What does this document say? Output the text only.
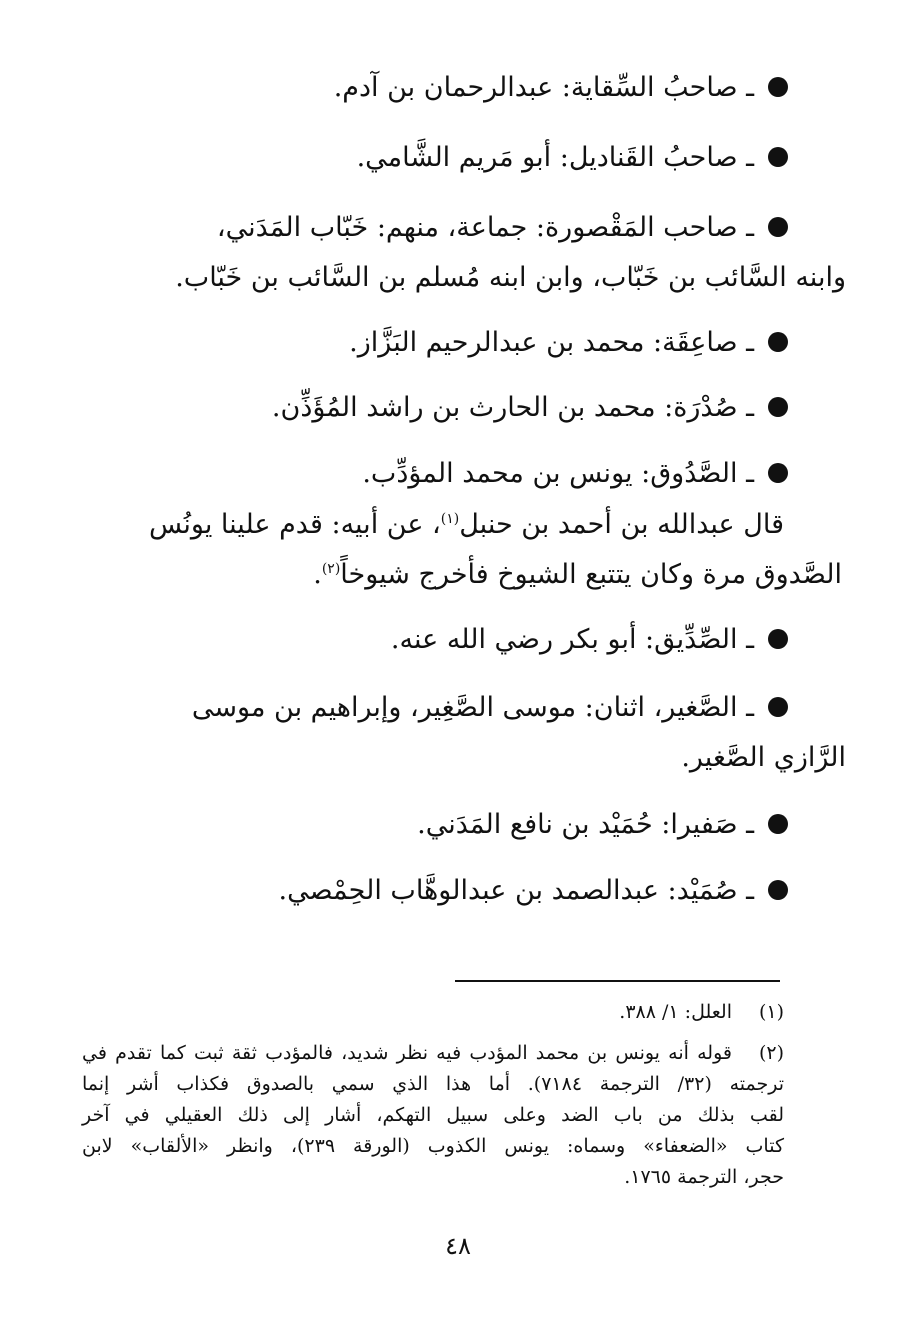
ـ صاحبُ السِّقاية: عبدالرحمان بن آدم.
ـ صاحبُ القَناديل: أبو مَريم الشَّامي.
ـ صاحب المَقْصورة: جماعة، منهم: خَبّاب المَدَني،
وابنه السَّائب بن خَبّاب، وابن ابنه مُسلم بن السَّائب بن خَبّاب.
ـ صاعِقَة: محمد بن عبدالرحيم البَزَّاز.
ـ صُدْرَة: محمد بن الحارث بن راشد المُؤَذِّن.
ـ الصَّدُوق: يونس بن محمد المؤدِّب.
قال عبدالله بن أحمد بن حنبل$^{(١)}$، عن أبيه: قدم علينا يونُس
الصَّدوق مرة وكان يتتبع الشيوخ فأخرج شيوخاً$^{(٢)}$.
ـ الصِّدِّيق: أبو بكر رضي الله عنه.
ـ الصَّغير، اثنان: موسى الصَّغِير، وإبراهيم بن موسى
الرَّازي الصَّغير.
ـ صَفيرا: حُمَيْد بن نافع المَدَني.
ـ صُمَيْد: عبدالصمد بن عبدالوهَّاب الحِمْصي.
(١)
العلل: ١/ ٣٨٨.
(٢)
قوله أنه يونس بن محمد المؤدب فيه نظر شديد، فالمؤدب ثقة ثبت كما تقدم في
ترجمته (٣٢/ الترجمة ٧١٨٤). أما هذا الذي سمي بالصدوق فكذاب أشر إنما
لقب بذلك من باب الضد وعلى سبيل التهكم، أشار إلى ذلك العقيلي في آخر
كتاب «الضعفاء» وسماه: يونس الكذوب (الورقة ٢٣٩)، وانظر «الألقاب» لابن
حجر، الترجمة ١٧٦٥.
٤٨
